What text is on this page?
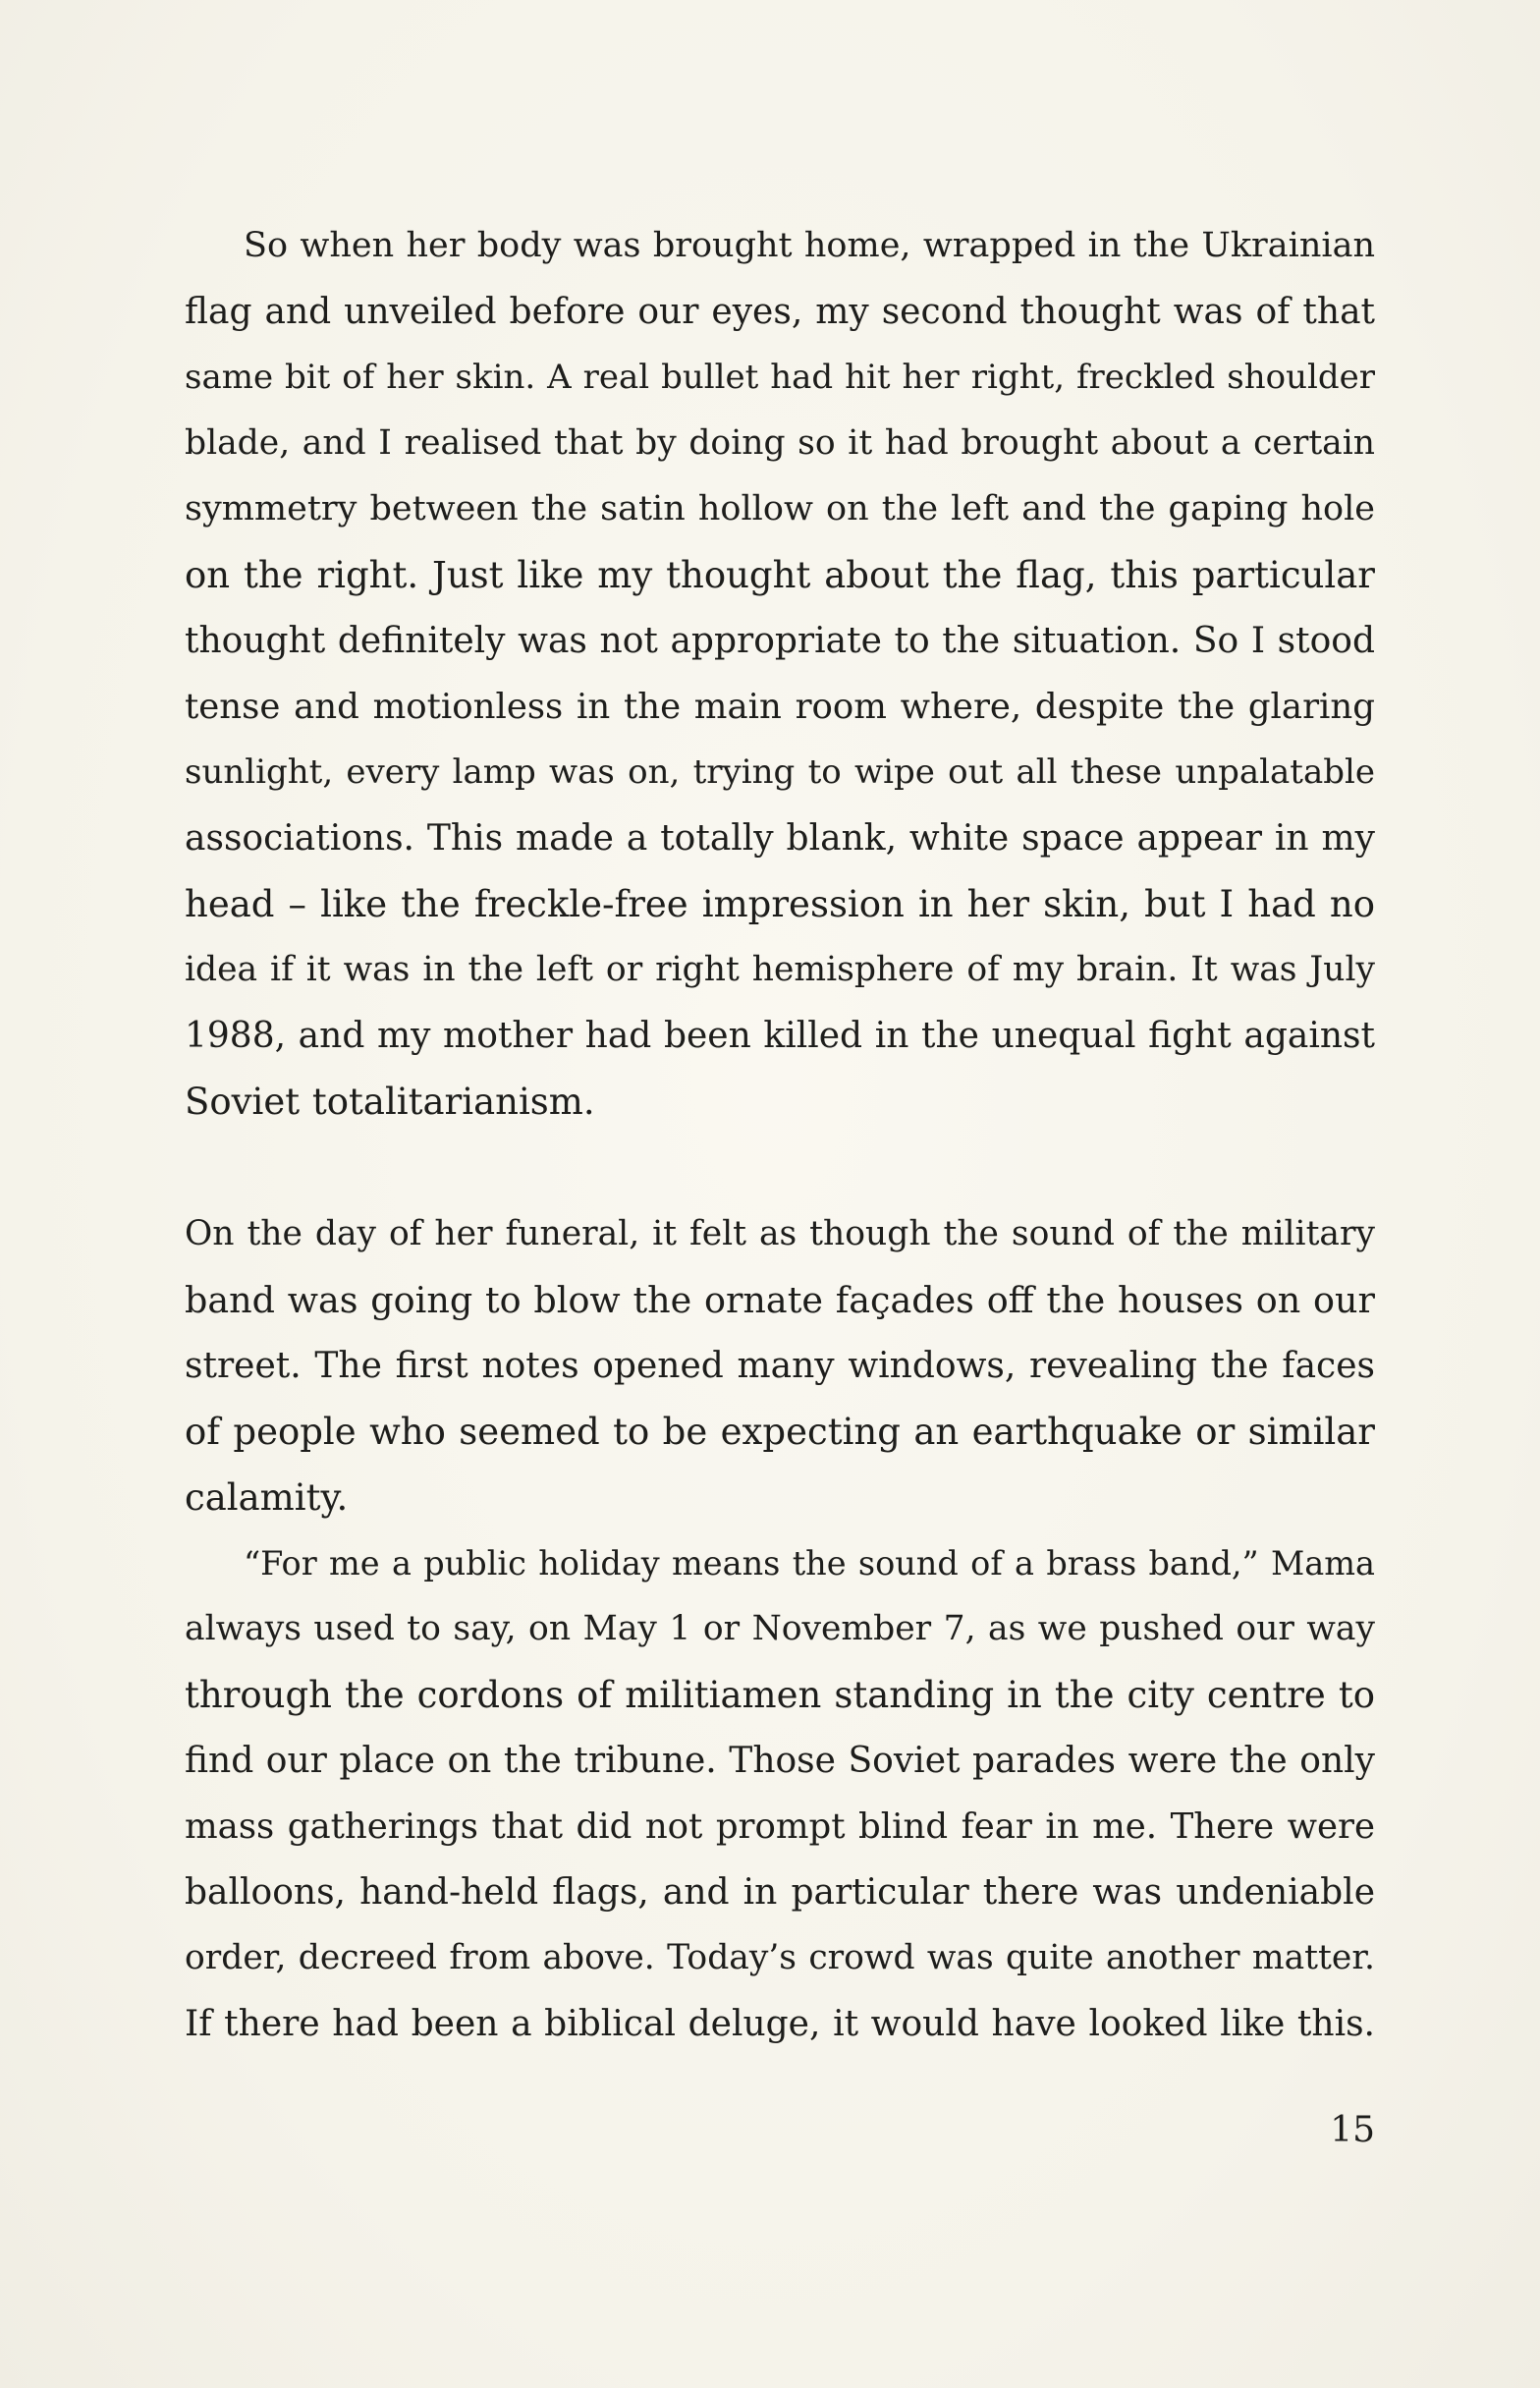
So when her body was brought home, wrapped in the Ukrainian
flag and unveiled before our eyes, my second thought was of that
same bit of her skin. A real bullet had hit her right, freckled shoulder
blade, and I realised that by doing so it had brought about a certain
symmetry between the satin hollow on the left and the gaping hole
on the right. Just like my thought about the flag, this particular
thought definitely was not appropriate to the situation. So I stood
tense and motionless in the main room where, despite the glaring
sunlight, every lamp was on, trying to wipe out all these unpalatable
associations. This made a totally blank, white space appear in my
head – like the freckle-free impression in her skin, but I had no
idea if it was in the left or right hemisphere of my brain. It was July
1988, and my mother had been killed in the unequal fight against
Soviet totalitarianism.
On the day of her funeral, it felt as though the sound of the military
band was going to blow the ornate façades off the houses on our
street. The first notes opened many windows, revealing the faces
of people who seemed to be expecting an earthquake or similar
calamity.
“For me a public holiday means the sound of a brass band,” Mama
always used to say, on May 1 or November 7, as we pushed our way
through the cordons of militiamen standing in the city centre to
find our place on the tribune. Those Soviet parades were the only
mass gatherings that did not prompt blind fear in me. There were
balloons, hand-held flags, and in particular there was undeniable
order, decreed from above. Today’s crowd was quite another matter.
If there had been a biblical deluge, it would have looked like this.
15
